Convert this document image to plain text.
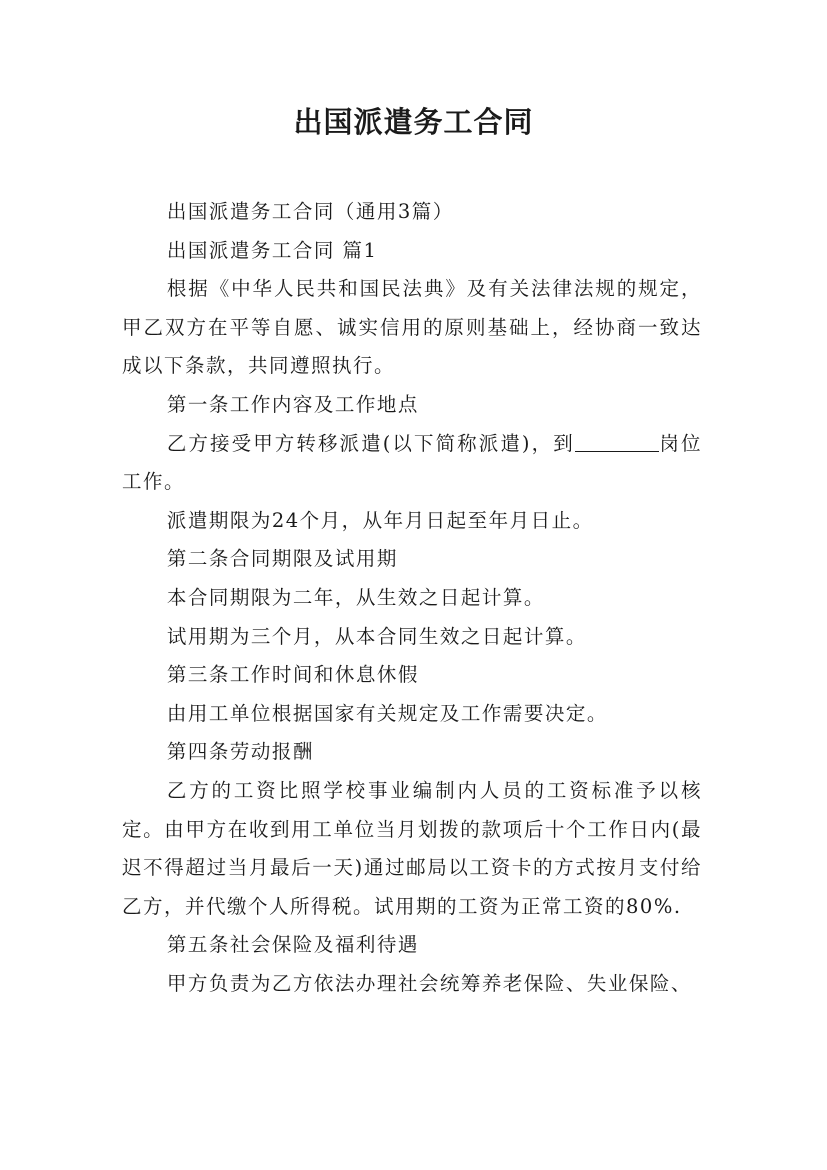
出国派遣务工合同

出国派遣务工合同（通用3篇）

出国派遣务工合同 篇1

根据《中华人民共和国民法典》及有关法律法规的规定，甲乙双方在平等自愿、诚实信用的原则基础上，经协商一致达成以下条款，共同遵照执行。

第一条工作内容及工作地点

乙方接受甲方转移派遣(以下简称派遣)，到	岗位工作。

派遣期限为24个月，从年月日起至年月日止。

第二条合同期限及试用期

本合同期限为二年，从生效之日起计算。

试用期为三个月，从本合同生效之日起计算。

第三条工作时间和休息休假

由用工单位根据国家有关规定及工作需要决定。

第四条劳动报酬

乙方的工资比照学校事业编制内人员的工资标准予以核定。由甲方在收到用工单位当月划拨的款项后十个工作日内(最迟不得超过当月最后一天)通过邮局以工资卡的方式按月支付给乙方，并代缴个人所得税。试用期的工资为正常工资的80%.

第五条社会保险及福利待遇

甲方负责为乙方依法办理社会统筹养老保险、失业保险、
